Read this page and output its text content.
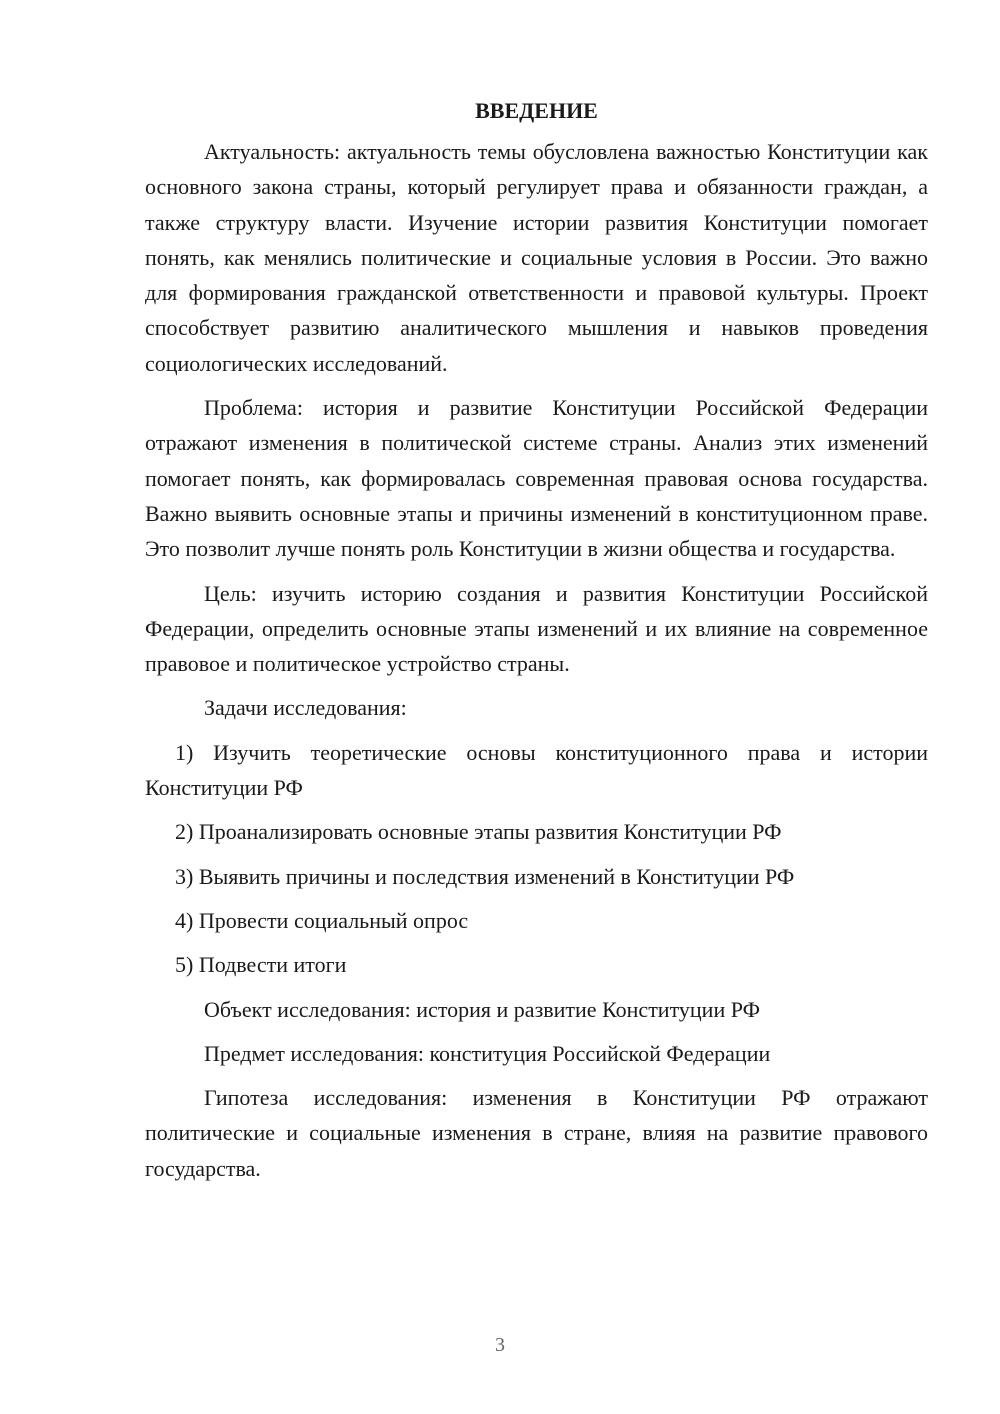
ВВЕДЕНИЕ

Актуальность: актуальность темы обусловлена важностью Конституции как основного закона страны, который регулирует права и обязанности граждан, а также структуру власти. Изучение истории развития Конституции помогает понять, как менялись политические и социальные условия в России. Это важно для формирования гражданской ответственности и правовой культуры. Проект способствует развитию аналитического мышления и навыков проведения социологических исследований.

Проблема: история и развитие Конституции Российской Федерации отражают изменения в политической системе страны. Анализ этих изменений помогает понять, как формировалась современная правовая основа государства. Важно выявить основные этапы и причины изменений в конституционном праве. Это позволит лучше понять роль Конституции в жизни общества и государства.

Цель: изучить историю создания и развития Конституции Российской Федерации, определить основные этапы изменений и их влияние на современное правовое и политическое устройство страны.

Задачи исследования:

1) Изучить теоретические основы конституционного права и истории Конституции РФ

2) Проанализировать основные этапы развития Конституции РФ

3) Выявить причины и последствия изменений в Конституции РФ

4) Провести социальный опрос

5) Подвести итоги

Объект исследования: история и развитие Конституции РФ

Предмет исследования: конституция Российской Федерации

Гипотеза исследования: изменения в Конституции РФ отражают политические и социальные изменения в стране, влияя на развитие правового государства.

3
